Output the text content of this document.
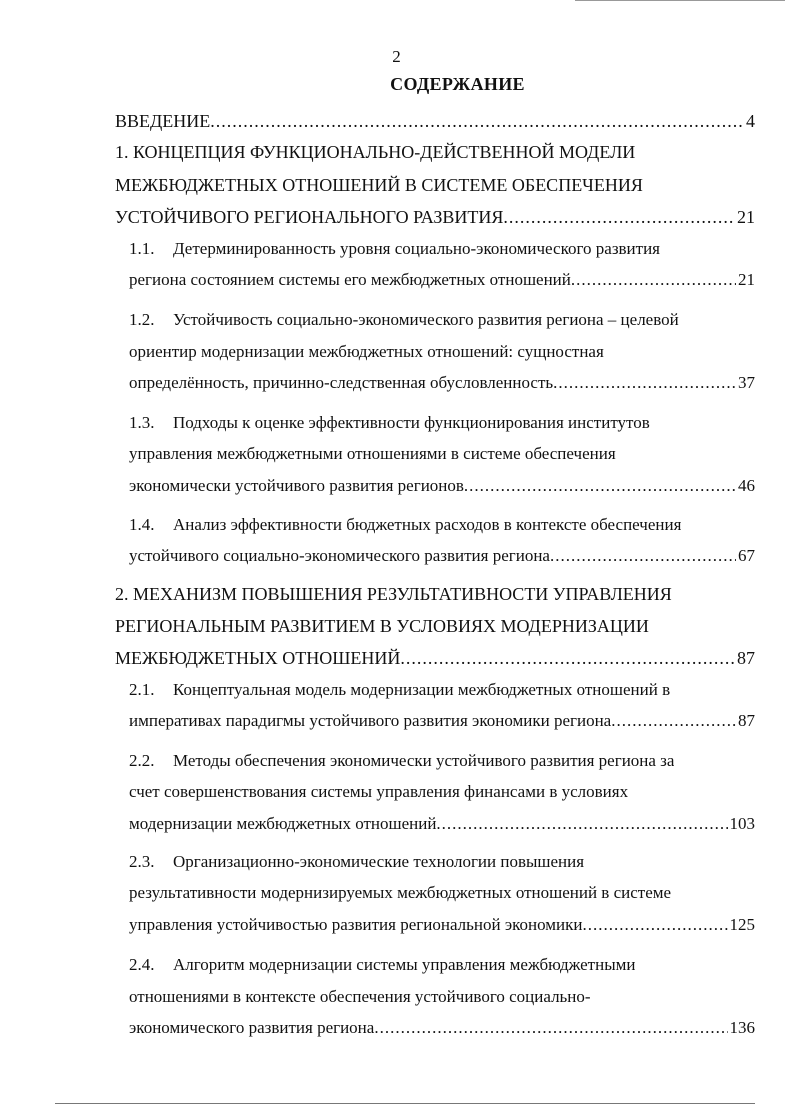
2
СОДЕРЖАНИЕ
ВВЕДЕНИЕ .....	4
1. КОНЦЕПЦИЯ ФУНКЦИОНАЛЬНО-ДЕЙСТВЕННОЙ МОДЕЛИ
МЕЖБЮДЖЕТНЫХ ОТНОШЕНИЙ В СИСТЕМЕ ОБЕСПЕЧЕНИЯ
УСТОЙЧИВОГО РЕГИОНАЛЬНОГО РАЗВИТИЯ .....	21
1.1. Детерминированность уровня социально-экономического развития
региона состоянием системы его межбюджетных отношений .....	21
1.2. Устойчивость социально-экономического развития региона – целевой
ориентир модернизации межбюджетных отношений: сущностная
определённость, причинно-следственная обусловленность .....	37
1.3. Подходы к оценке эффективности функционирования институтов
управления межбюджетными отношениями в системе обеспечения
экономически устойчивого развития регионов .....	46
1.4. Анализ эффективности бюджетных расходов в контексте обеспечения
устойчивого социально-экономического развития региона .....	67
2. МЕХАНИЗМ ПОВЫШЕНИЯ РЕЗУЛЬТАТИВНОСТИ УПРАВЛЕНИЯ
РЕГИОНАЛЬНЫМ РАЗВИТИЕМ В УСЛОВИЯХ МОДЕРНИЗАЦИИ
МЕЖБЮДЖЕТНЫХ ОТНОШЕНИЙ .....	87
2.1. Концептуальная модель модернизации межбюджетных отношений в
императивах парадигмы устойчивого развития экономики региона .....	87
2.2. Методы обеспечения экономически устойчивого развития региона за
счет совершенствования системы управления финансами в условиях
модернизации межбюджетных отношений .....	103
2.3. Организационно-экономические технологии повышения
результативности модернизируемых межбюджетных отношений в системе
управления устойчивостью развития региональной экономики .....	125
2.4. Алгоритм модернизации системы управления межбюджетными
отношениями в контексте обеспечения устойчивого социально-
экономического развития региона .....	136
